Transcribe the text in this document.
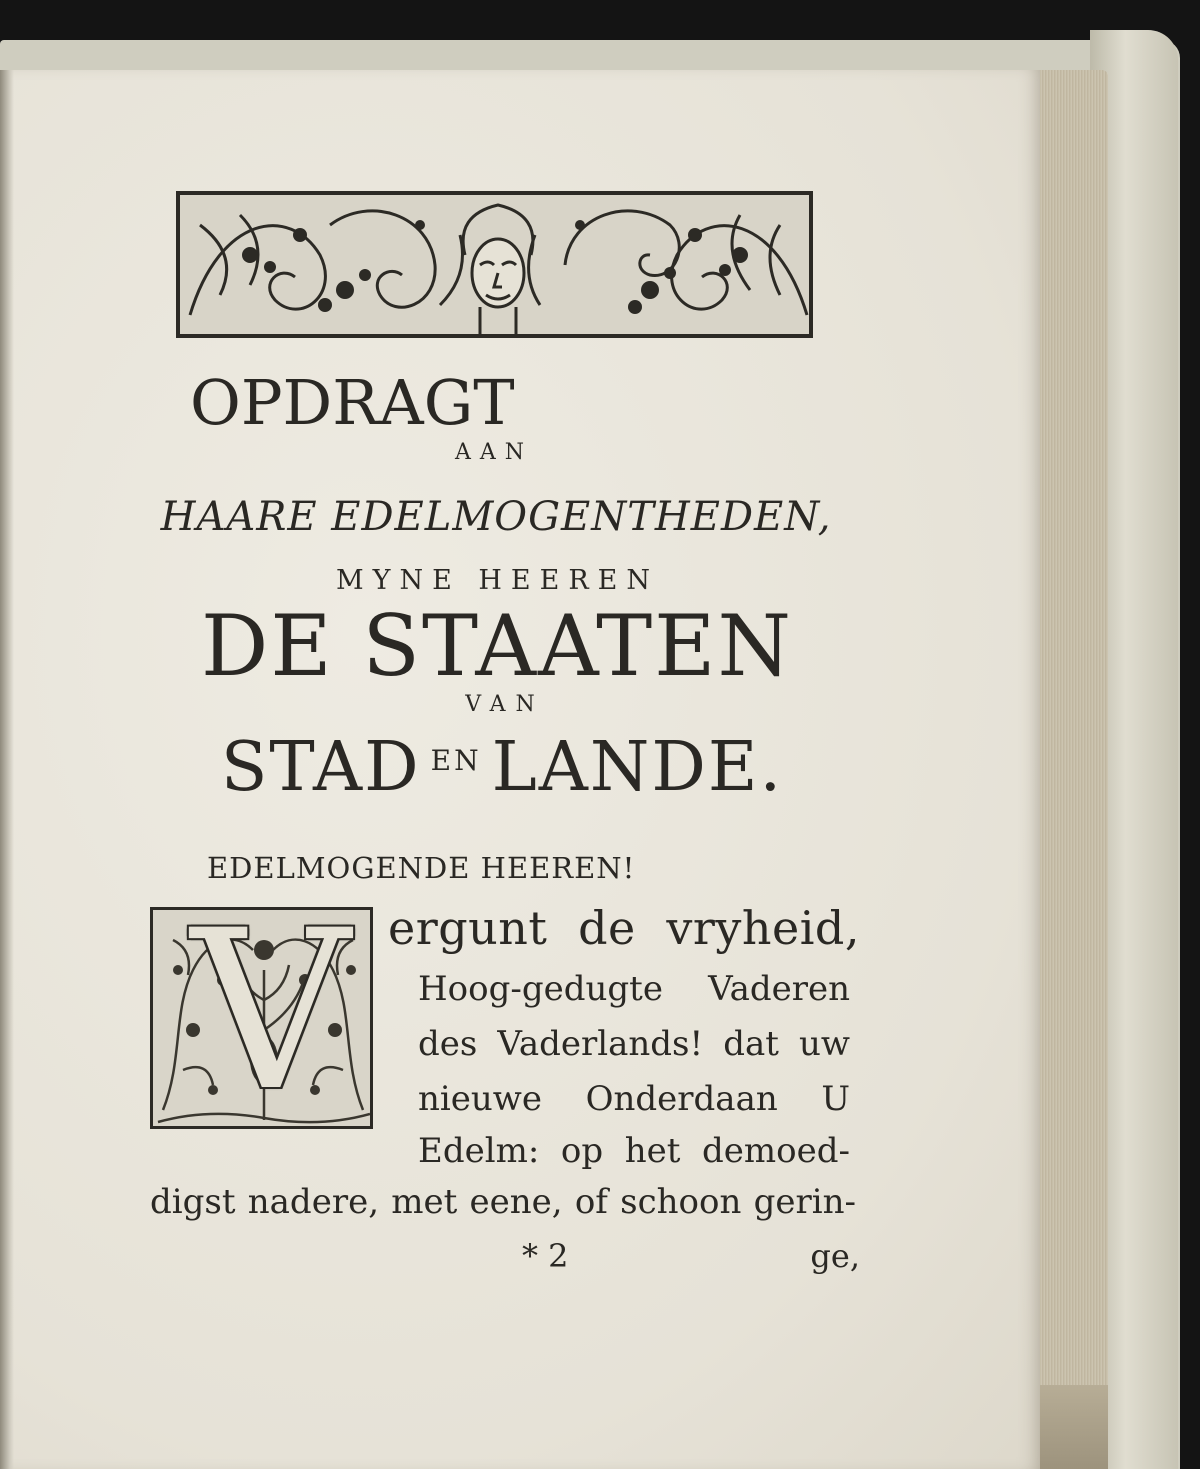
OPDRAGT
AAN
HAARE EDELMOGENTHEDEN,
MYNE HEEREN
DE STAATEN
VAN
STAD $^{EN}$ LANDE.
EDELMOGENDE HEEREN!
V ergunt de vryheid,
Hoog-gedugte Vaderen
des Vaderlands! dat uw
nieuwe Onderdaan U
Edelm: op het demoed-
digst nadere, met eene, of schoon gerin-
* 2	ge,
